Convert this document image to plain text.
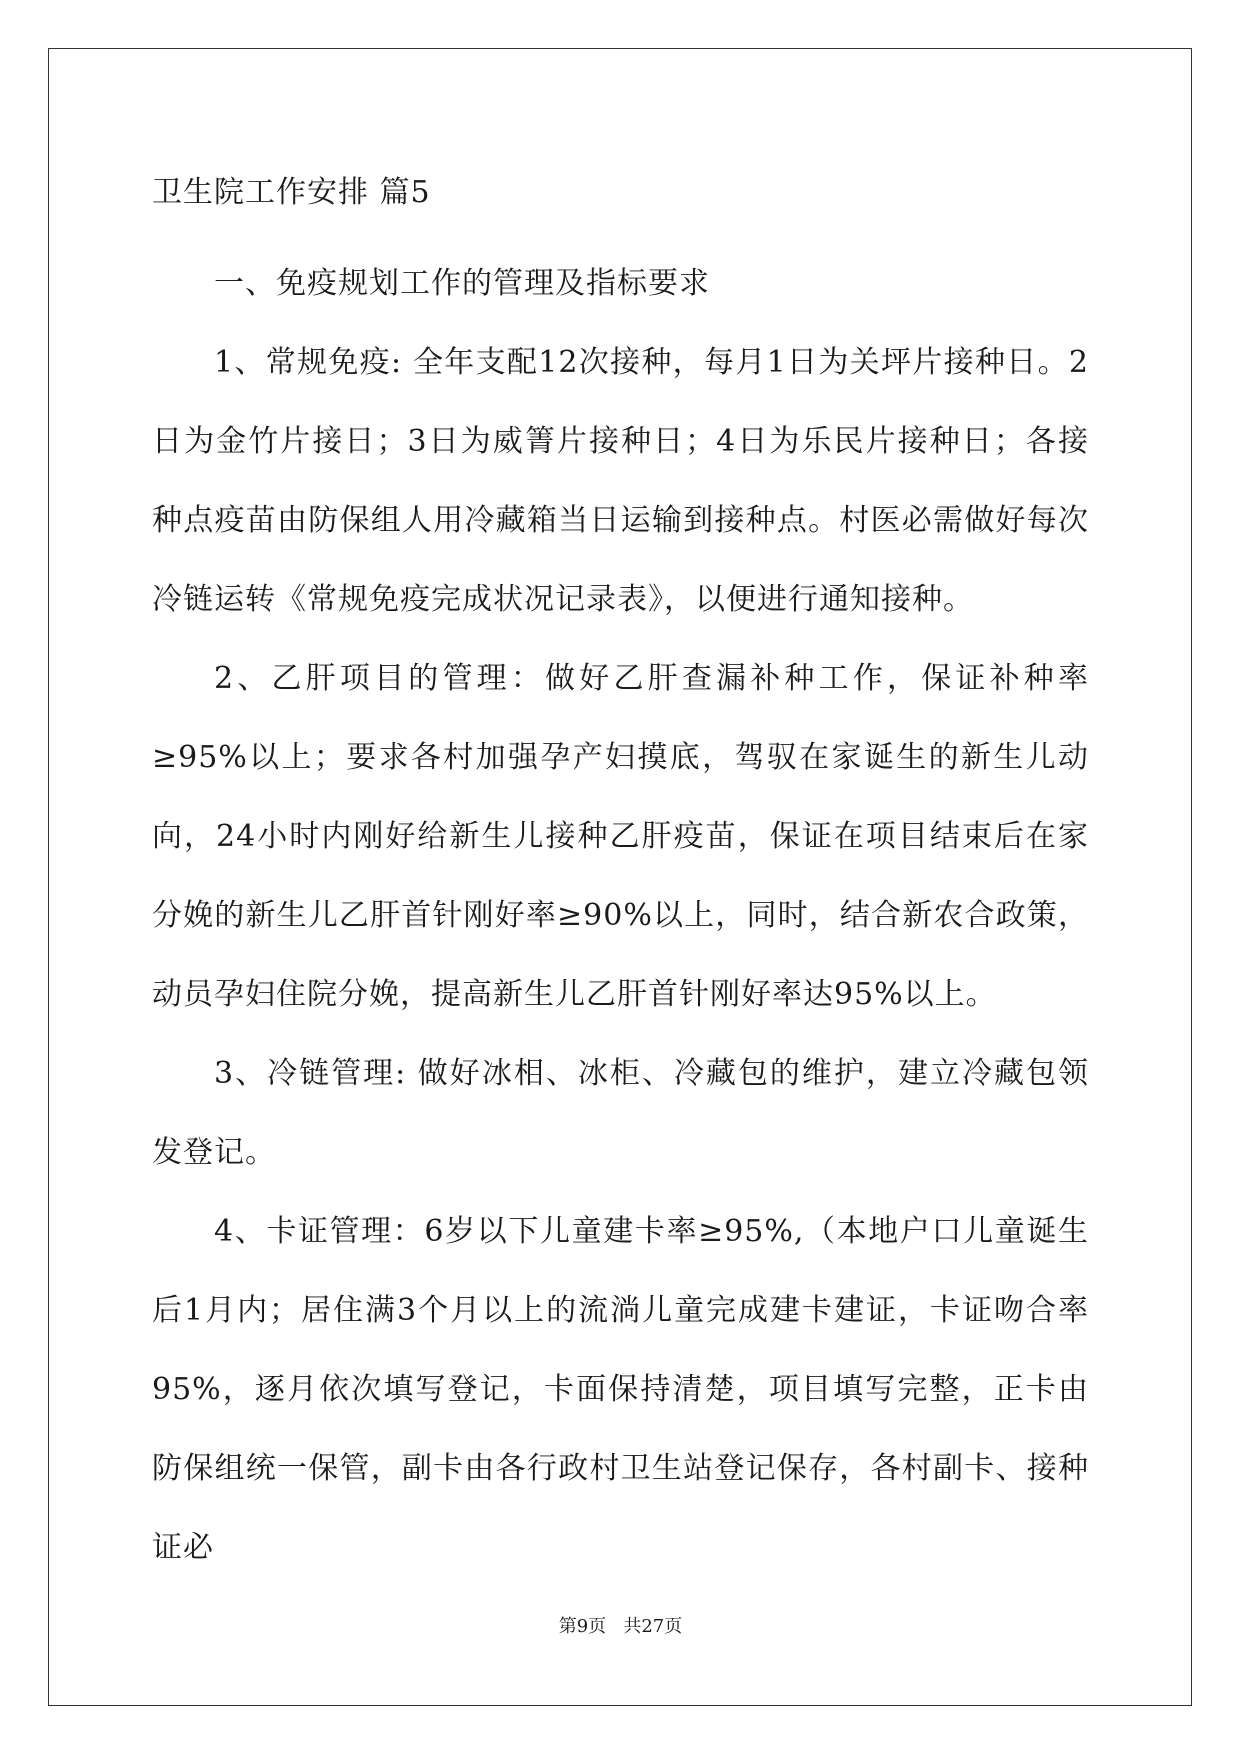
卫生院工作安排 篇5

一、免疫规划工作的管理及指标要求

1、常规免疫: 全年支配12次接种，每月1日为关坪片接种日。2日为金竹片接日；3日为威箐片接种日；4日为乐民片接种日；各接种点疫苗由防保组人用冷藏箱当日运输到接种点。村医必需做好每次冷链运转《常规免疫完成状况记录表》，以便进行通知接种。

2、乙肝项目的管理：做好乙肝查漏补种工作，保证补种率≥95%以上；要求各村加强孕产妇摸底，驾驭在家诞生的新生儿动向，24小时内刚好给新生儿接种乙肝疫苗，保证在项目结束后在家分娩的新生儿乙肝首针刚好率≥90%以上，同时，结合新农合政策，动员孕妇住院分娩，提高新生儿乙肝首针刚好率达95%以上。

3、冷链管理: 做好冰相、冰柜、冷藏包的维护，建立冷藏包领发登记。

4、卡证管理：6岁以下儿童建卡率≥95%,（本地户口儿童诞生后1月内；居住满3个月以上的流淌儿童完成建卡建证，卡证吻合率95%，逐月依次填写登记，卡面保持清楚，项目填写完整，正卡由防保组统一保管，副卡由各行政村卫生站登记保存，各村副卡、接种证必

第9页 共27页
